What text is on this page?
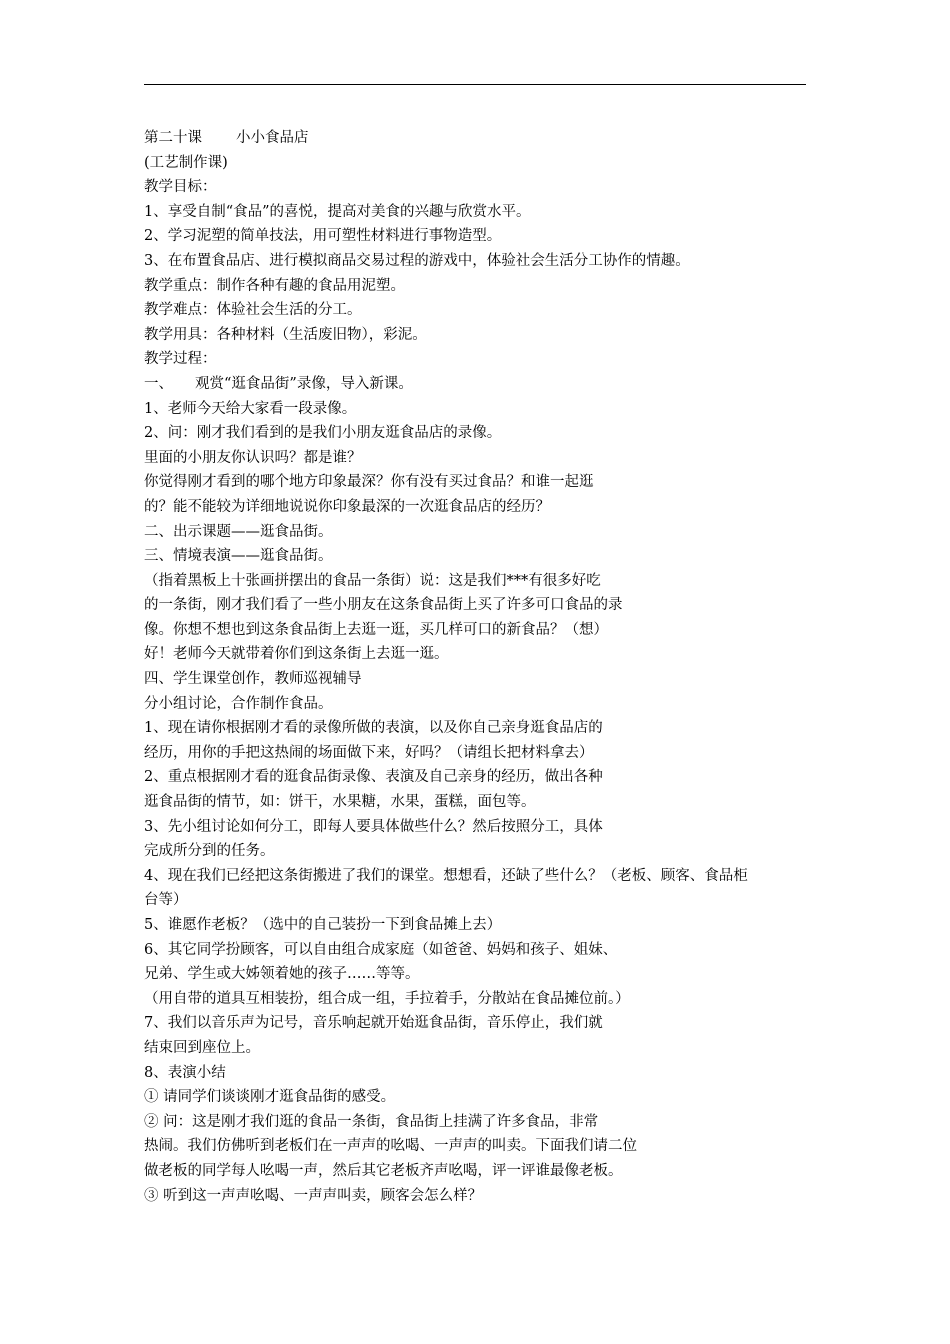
第二十课 小小食品店
(工艺制作课)
教学目标：
1、享受自制“食品”的喜悦，提高对美食的兴趣与欣赏水平。
2、学习泥塑的简单技法，用可塑性材料进行事物造型。
3、在布置食品店、进行模拟商品交易过程的游戏中，体验社会生活分工协作的情趣。
教学重点：制作各种有趣的食品用泥塑。
教学难点：体验社会生活的分工。
教学用具：各种材料（生活废旧物），彩泥。
教学过程：
一、 观赏“逛食品街”录像，导入新课。
1、老师今天给大家看一段录像。
2、问：刚才我们看到的是我们小朋友逛食品店的录像。
里面的小朋友你认识吗？都是谁？
你觉得刚才看到的哪个地方印象最深？你有没有买过食品？和谁一起逛
的？能不能较为详细地说说你印象最深的一次逛食品店的经历？
二、出示课题——逛食品街。
三、情境表演——逛食品街。
（指着黑板上十张画拼摆出的食品一条街）说：这是我们***有很多好吃
的一条街，刚才我们看了一些小朋友在这条食品街上买了许多可口食品的录
像。你想不想也到这条食品街上去逛一逛，买几样可口的新食品？（想）
好！老师今天就带着你们到这条街上去逛一逛。
四、学生课堂创作，教师巡视辅导
分小组讨论，合作制作食品。
1、现在请你根据刚才看的录像所做的表演，以及你自己亲身逛食品店的
经历，用你的手把这热闹的场面做下来，好吗？（请组长把材料拿去）
2、重点根据刚才看的逛食品街录像、表演及自己亲身的经历，做出各种
逛食品街的情节，如：饼干，水果糖，水果，蛋糕，面包等。
3、先小组讨论如何分工，即每人要具体做些什么？然后按照分工，具体
完成所分到的任务。
4、现在我们已经把这条街搬进了我们的课堂。想想看，还缺了些什么？（老板、顾客、食品柜
台等）
5、谁愿作老板？（选中的自己装扮一下到食品摊上去）
6、其它同学扮顾客，可以自由组合成家庭（如爸爸、妈妈和孩子、姐妹、
兄弟、学生或大姊领着她的孩子……等等。
（用自带的道具互相装扮，组合成一组，手拉着手，分散站在食品摊位前。）
7、我们以音乐声为记号，音乐响起就开始逛食品街，音乐停止，我们就
结束回到座位上。
8、表演小结
① 请同学们谈谈刚才逛食品街的感受。
② 问：这是刚才我们逛的食品一条街，食品街上挂满了许多食品，非常
热闹。我们仿佛听到老板们在一声声的吆喝、一声声的叫卖。下面我们请二位
做老板的同学每人吆喝一声，然后其它老板齐声吆喝，评一评谁最像老板。
③ 听到这一声声吆喝、一声声叫卖，顾客会怎么样？
